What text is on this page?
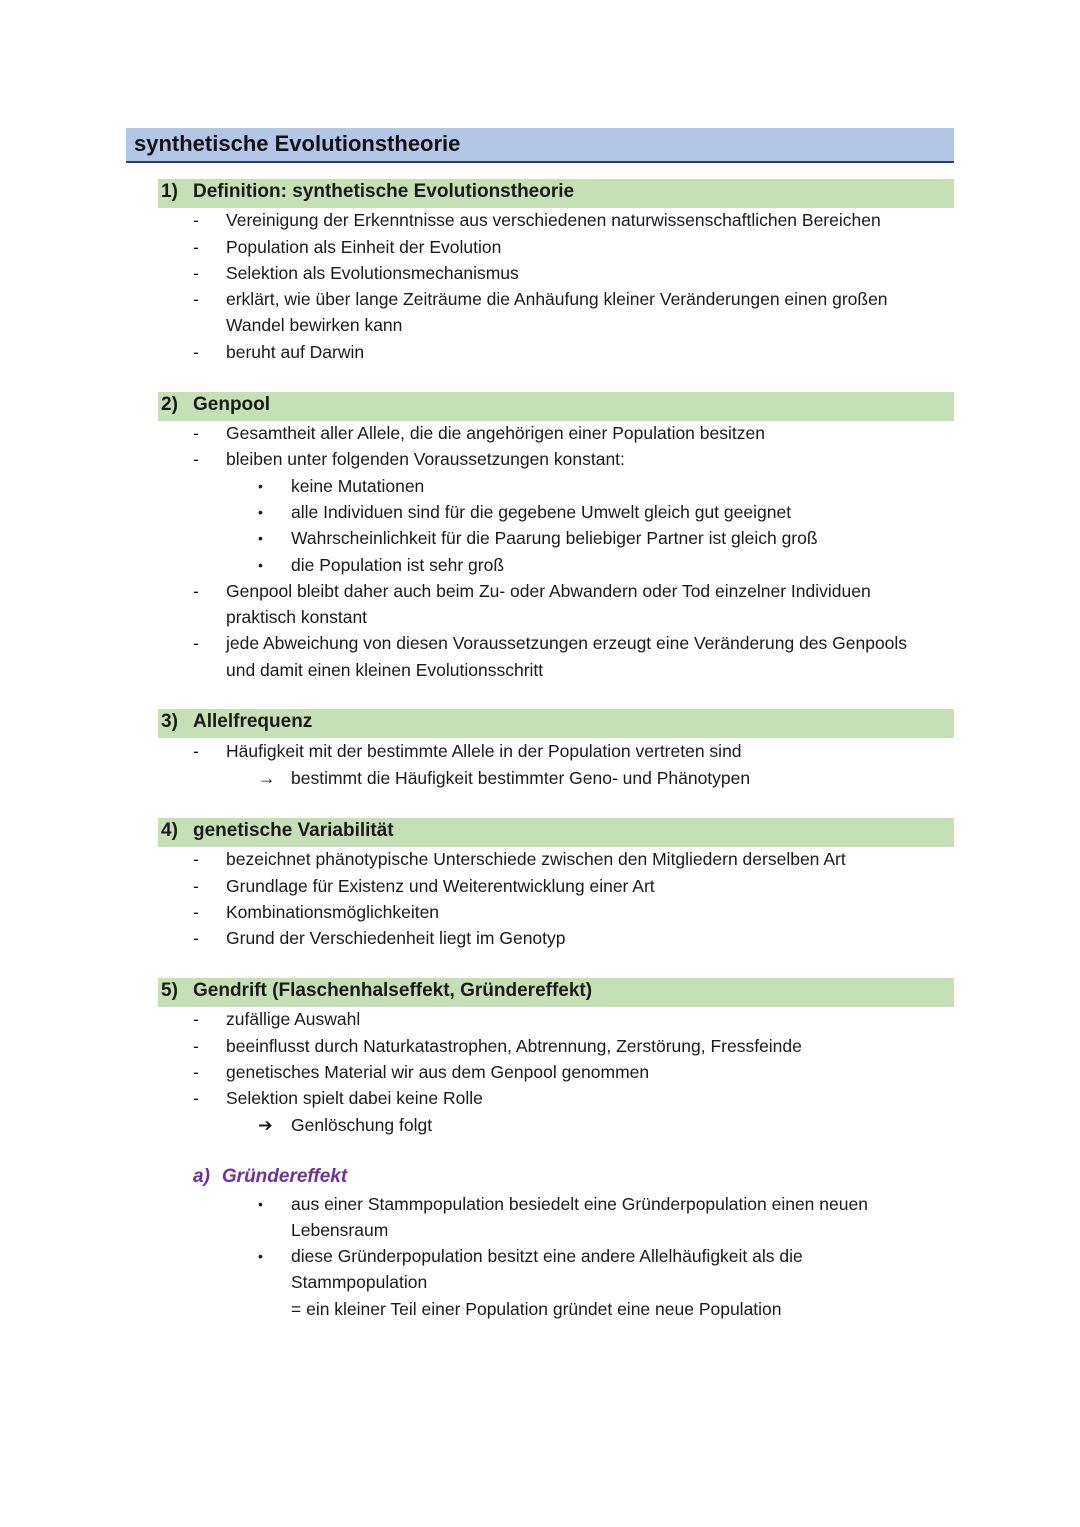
synthetische Evolutionstheorie
1) Definition: synthetische Evolutionstheorie
- Vereinigung der Erkenntnisse aus verschiedenen naturwissenschaftlichen Bereichen
- Population als Einheit der Evolution
- Selektion als Evolutionsmechanismus
- erklärt, wie über lange Zeiträume die Anhäufung kleiner Veränderungen einen großen
Wandel bewirken kann
- beruht auf Darwin
2) Genpool
- Gesamtheit aller Allele, die die angehörigen einer Population besitzen
- bleiben unter folgenden Voraussetzungen konstant:
• keine Mutationen
• alle Individuen sind für die gegebene Umwelt gleich gut geeignet
• Wahrscheinlichkeit für die Paarung beliebiger Partner ist gleich groß
• die Population ist sehr groß
- Genpool bleibt daher auch beim Zu- oder Abwandern oder Tod einzelner Individuen
praktisch konstant
- jede Abweichung von diesen Voraussetzungen erzeugt eine Veränderung des Genpools
und damit einen kleinen Evolutionsschritt
3) Allelfrequenz
- Häufigkeit mit der bestimmte Allele in der Population vertreten sind
→ bestimmt die Häufigkeit bestimmter Geno- und Phänotypen
4) genetische Variabilität
- bezeichnet phänotypische Unterschiede zwischen den Mitgliedern derselben Art
- Grundlage für Existenz und Weiterentwicklung einer Art
- Kombinationsmöglichkeiten
- Grund der Verschiedenheit liegt im Genotyp
5) Gendrift (Flaschenhalseffekt, Gründereffekt)
- zufällige Auswahl
- beeinflusst durch Naturkatastrophen, Abtrennung, Zerstörung, Fressfeinde
- genetisches Material wir aus dem Genpool genommen
- Selektion spielt dabei keine Rolle
➔ Genlöschung folgt
a) Gründereffekt
• aus einer Stammpopulation besiedelt eine Gründerpopulation einen neuen
Lebensraum
• diese Gründerpopulation besitzt eine andere Allelhäufigkeit als die
Stammpopulation
= ein kleiner Teil einer Population gründet eine neue Population
